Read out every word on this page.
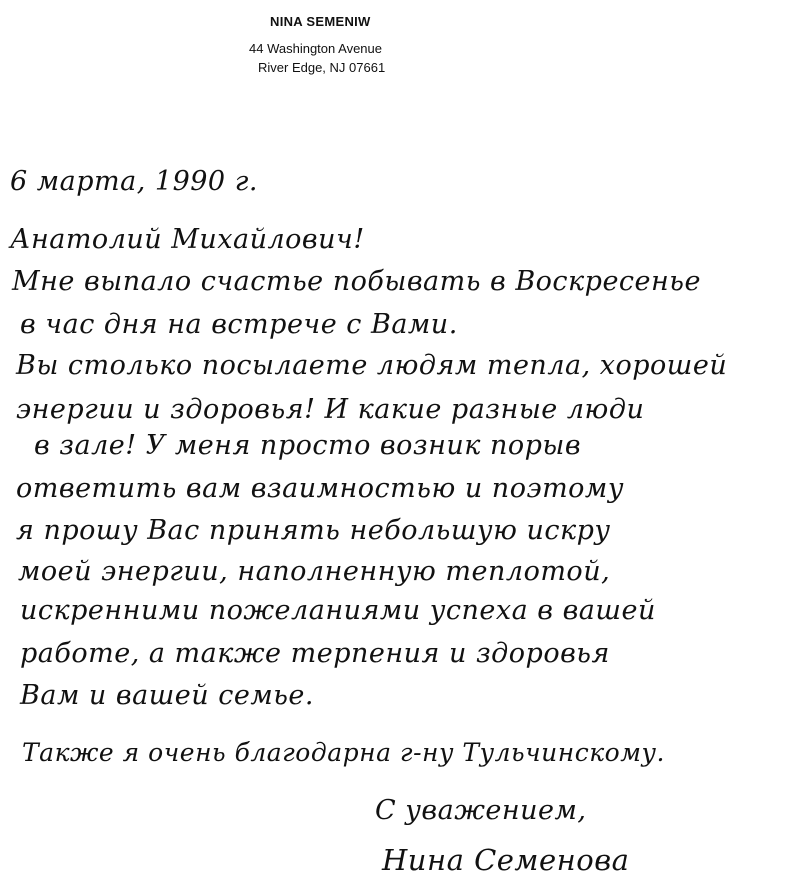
NINA SEMENIW
44 Washington Avenue
River Edge, NJ 07661
6 марта, 1990 г.
Анатолий Михайлович!
Мне выпало счастье побывать в Воскресенье
в час дня на встрече с Вами.
Вы столько посылаете людям тепла, хорошей
энергии и здоровья! И какие разные люди
в зале! У меня просто возник порыв
ответить вам взаимностью и поэтому
я прошу Вас принять небольшую искру
моей энергии, наполненную теплотой,
искренними пожеланиями успеха в вашей
работе, а также терпения и здоровья
Вам и вашей семье.
Также я очень благодарна г-ну Тульчинскому.
С уважением,
Нина Семенова
